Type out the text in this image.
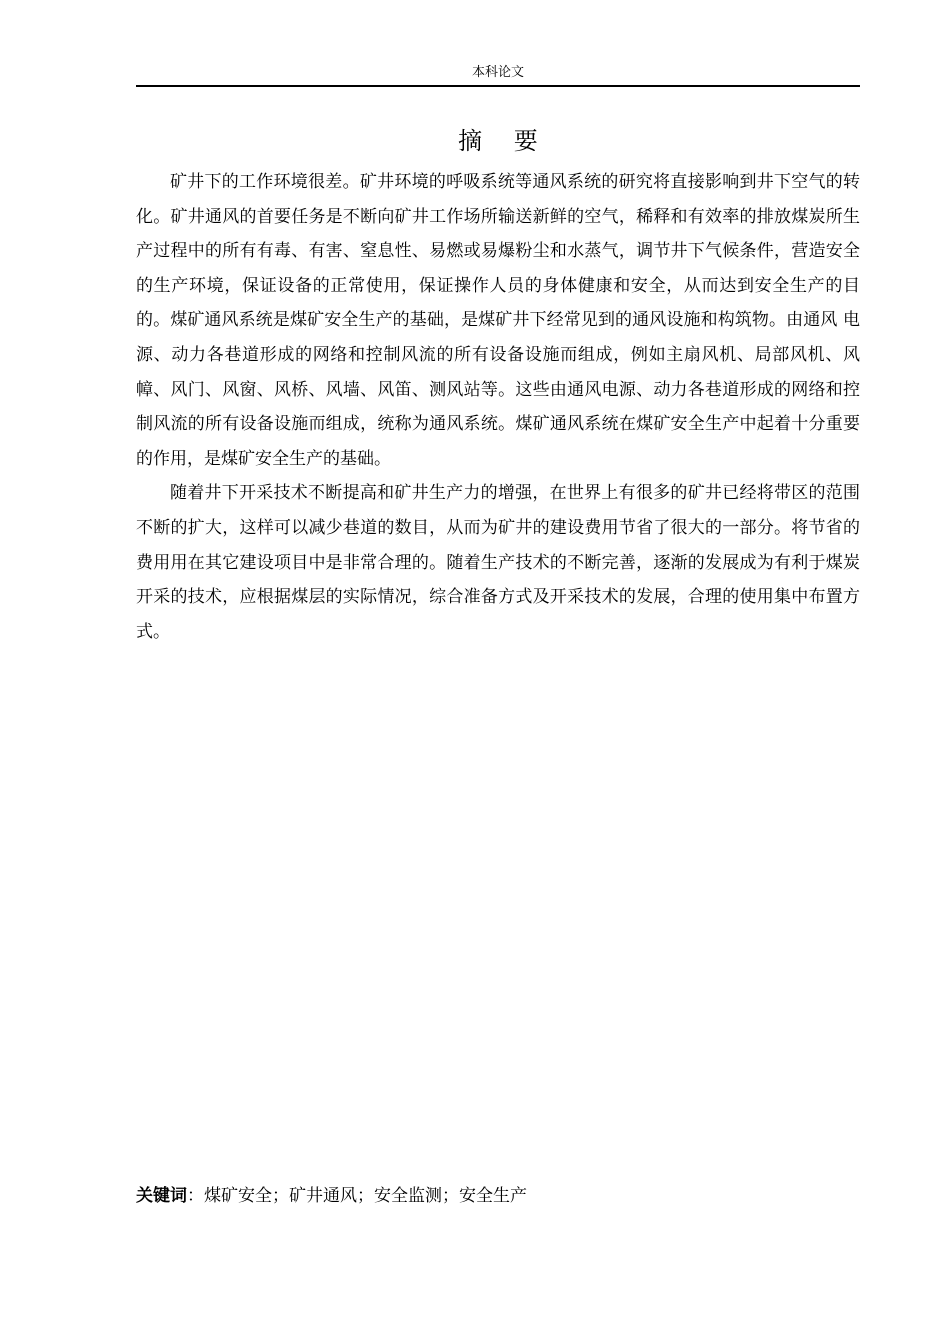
本科论文
摘 要

矿井下的工作环境很差。矿井环境的呼吸系统等通风系统的研究将直接影响到井下空气的转化。矿井通风的首要任务是不断向矿井工作场所输送新鲜的空气，稀释和有效率的排放煤炭所生产过程中的所有有毒、有害、窒息性、易燃或易爆粉尘和水蒸气，调节井下气候条件，营造安全的生产环境，保证设备的正常使用，保证操作人员的身体健康和安全，从而达到安全生产的目的。煤矿通风系统是煤矿安全生产的基础，是煤矿井下经常见到的通风设施和构筑物。由通风 电源、动力各巷道形成的网络和控制风流的所有设备设施而组成，例如主扇风机、局部风机、风幛、风门、风窗、风桥、风墙、风笛、测风站等。这些由通风电源、动力各巷道形成的网络和控制风流的所有设备设施而组成，统称为通风系统。煤矿通风系统在煤矿安全生产中起着十分重要的作用，是煤矿安全生产的基础。

随着井下开采技术不断提高和矿井生产力的增强，在世界上有很多的矿井已经将带区的范围不断的扩大，这样可以减少巷道的数目，从而为矿井的建设费用节省了很大的一部分。将节省的费用用在其它建设项目中是非常合理的。随着生产技术的不断完善，逐渐的发展成为有利于煤炭开采的技术，应根据煤层的实际情况，综合准备方式及开采技术的发展，合理的使用集中布置方式。

关键词：煤矿安全；矿井通风；安全监测；安全生产
